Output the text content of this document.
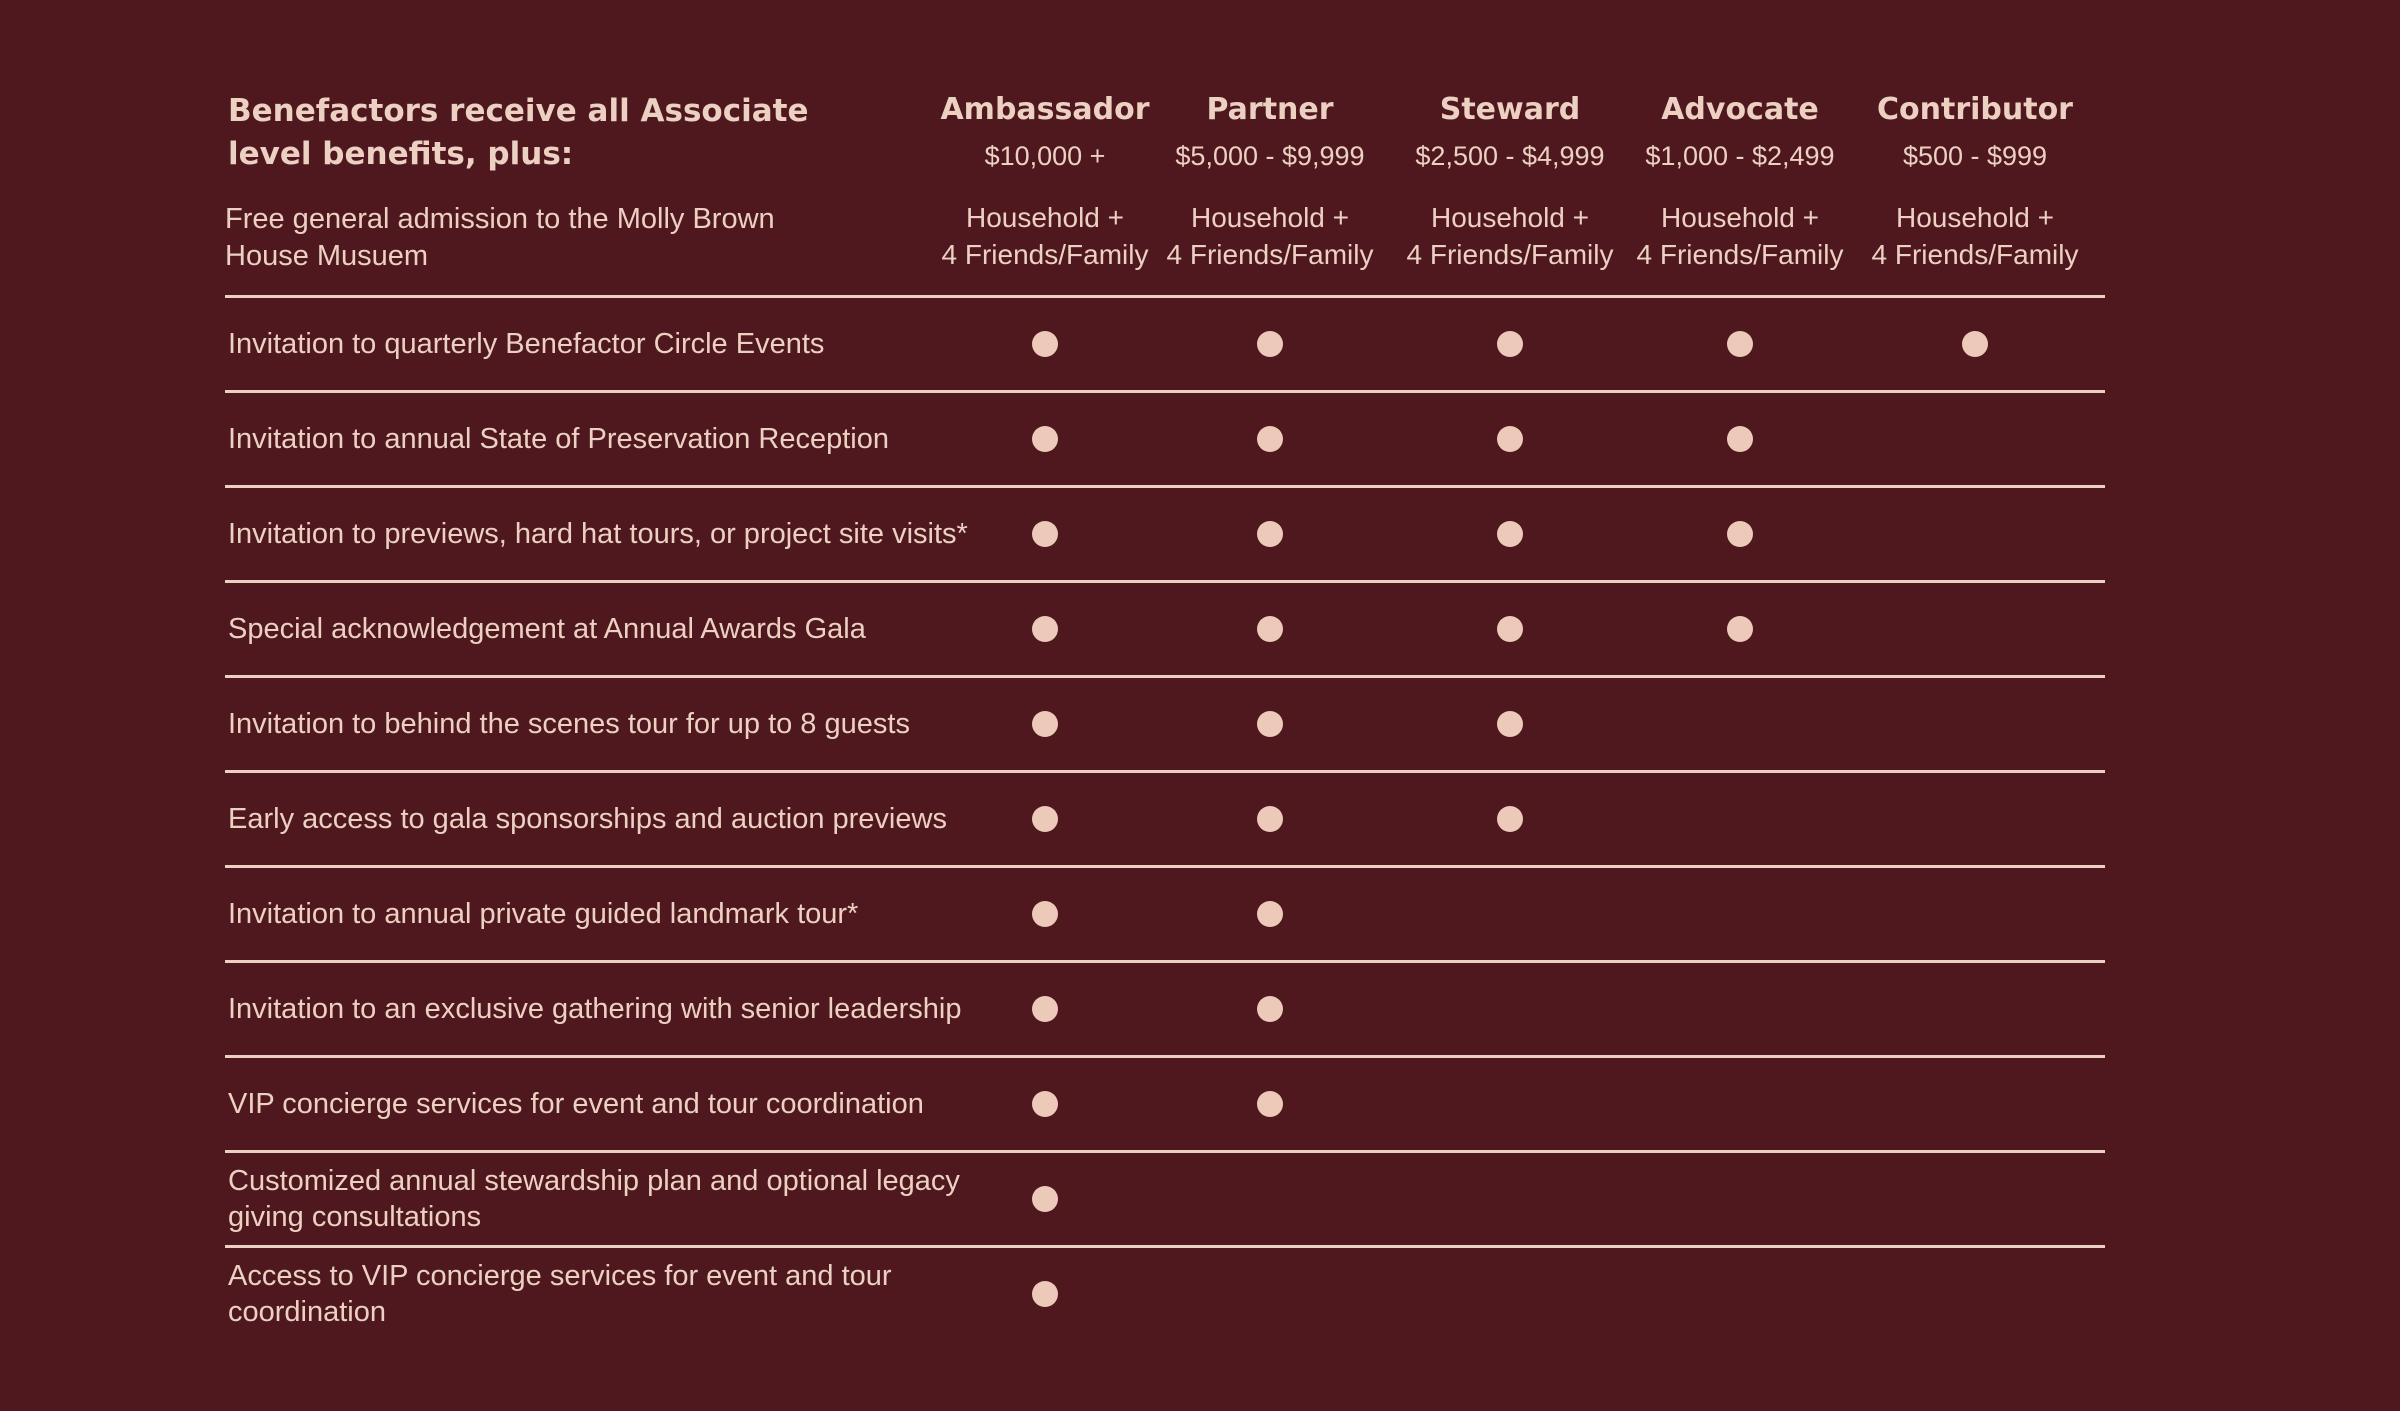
Benefactors receive all Associate
level benefits, plus:
Free general admission to the Molly Brown
House Musuem
Ambassador
$10,000 +
Household +
4 Friends/Family
Partner
$5,000 - $9,999
Household +
4 Friends/Family
Steward
$2,500 - $4,999
Household +
4 Friends/Family
Advocate
$1,000 - $2,499
Household +
4 Friends/Family
Contributor
$500 - $999
Household +
4 Friends/Family
Invitation to quarterly Benefactor Circle Events
Invitation to annual State of Preservation Reception
Invitation to previews, hard hat tours, or project site visits*
Special acknowledgement at Annual Awards Gala
Invitation to behind the scenes tour for up to 8 guests
Early access to gala sponsorships and auction previews
Invitation to annual private guided landmark tour*
Invitation to an exclusive gathering with senior leadership
VIP concierge services for event and tour coordination
Customized annual stewardship plan and optional legacy
giving consultations
Access to VIP concierge services for event and tour
coordination
